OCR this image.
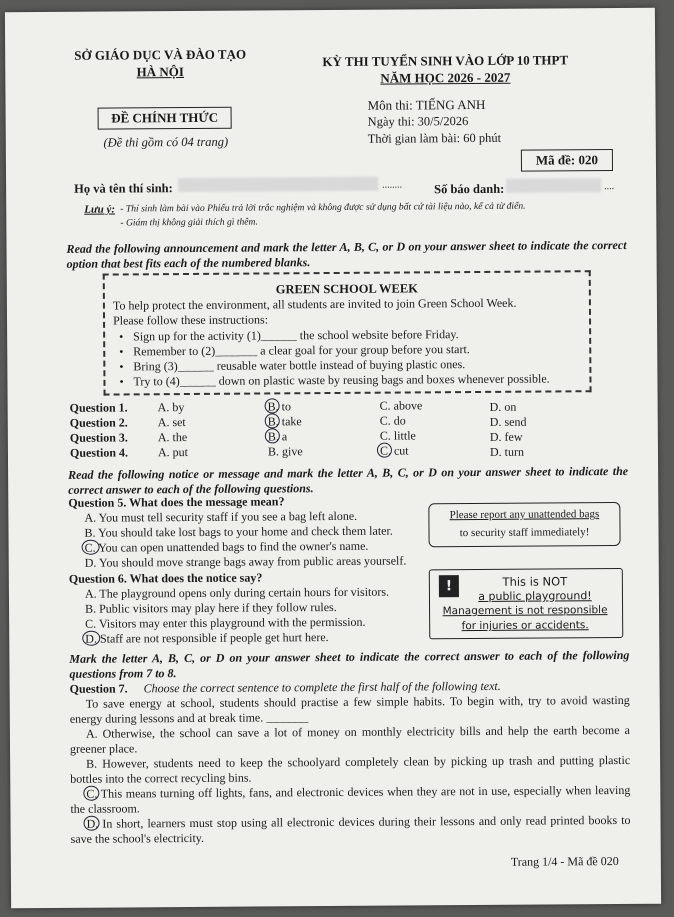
SỞ GIÁO DỤC VÀ ĐÀO TẠO
HÀ NỘI
ĐỀ CHÍNH THỨC
(Đề thi gồm có 04 trang)
KỲ THI TUYỂN SINH VÀO LỚP 10 THPT
NĂM HỌC 2026 - 2027
Môn thi: TIẾNG ANH
Ngày thi: 30/5/2026
Thời gian làm bài: 60 phút
Mã đề: 020
Họ và tên thí sinh:	........	Số báo danh:	....
Lưu ý: - Thí sinh làm bài vào Phiếu trả lời trắc nghiệm và không được sử dụng bất cứ tài liệu nào, kể cả từ điển.
- Giám thị không giải thích gì thêm.
Read the following announcement and mark the letter A, B, C, or D on your answer sheet to indicate the correct option that best fits each of the numbered blanks.
GREEN SCHOOL WEEK
To help protect the environment, all students are invited to join Green School Week.
Please follow these instructions:
• Sign up for the activity (1)______ the school website before Friday.
• Remember to (2)_______ a clear goal for your group before you start.
• Bring (3)______ reusable water bottle instead of buying plastic ones.
• Try to (4)______ down on plastic waste by reusing bags and boxes whenever possible.
Question 1. A. by	B. to	C. above	D. on
Question 2. A. set	B. take	C. do	D. send
Question 3. A. the	B. a	C. little	D. few
Question 4. A. put	B. give	C. cut	D. turn
Read the following notice or message and mark the letter A, B, C, or D on your answer sheet to indicate the correct answer to each of the following questions.
Question 5. What does the message mean?
A. You must tell security staff if you see a bag left alone.
B. You should take lost bags to your home and check them later.
C. You can open unattended bags to find the owner's name.
D. You should move strange bags away from public areas yourself.
Please report any unattended bags
to security staff immediately!
Question 6. What does the notice say?
A. The playground opens only during certain hours for visitors.
B. Public visitors may play here if they follow rules.
C. Visitors may enter this playground with the permission.
D. Staff are not responsible if people get hurt here.
!	This is NOT
a public playground!
Management is not responsible
for injuries or accidents.
Mark the letter A, B, C, or D on your answer sheet to indicate the correct answer to each of the following questions from 7 to 8.
Question 7. Choose the correct sentence to complete the first half of the following text.
To save energy at school, students should practise a few simple habits. To begin with, try to avoid wasting energy during lessons and at break time. _______
A. Otherwise, the school can save a lot of money on monthly electricity bills and help the earth become a greener place.
B. However, students need to keep the schoolyard completely clean by picking up trash and putting plastic bottles into the correct recycling bins.
C. This means turning off lights, fans, and electronic devices when they are not in use, especially when leaving the classroom.
D. In short, learners must stop using all electronic devices during their lessons and only read printed books to save the school's electricity.
Trang 1/4 - Mã đề 020
